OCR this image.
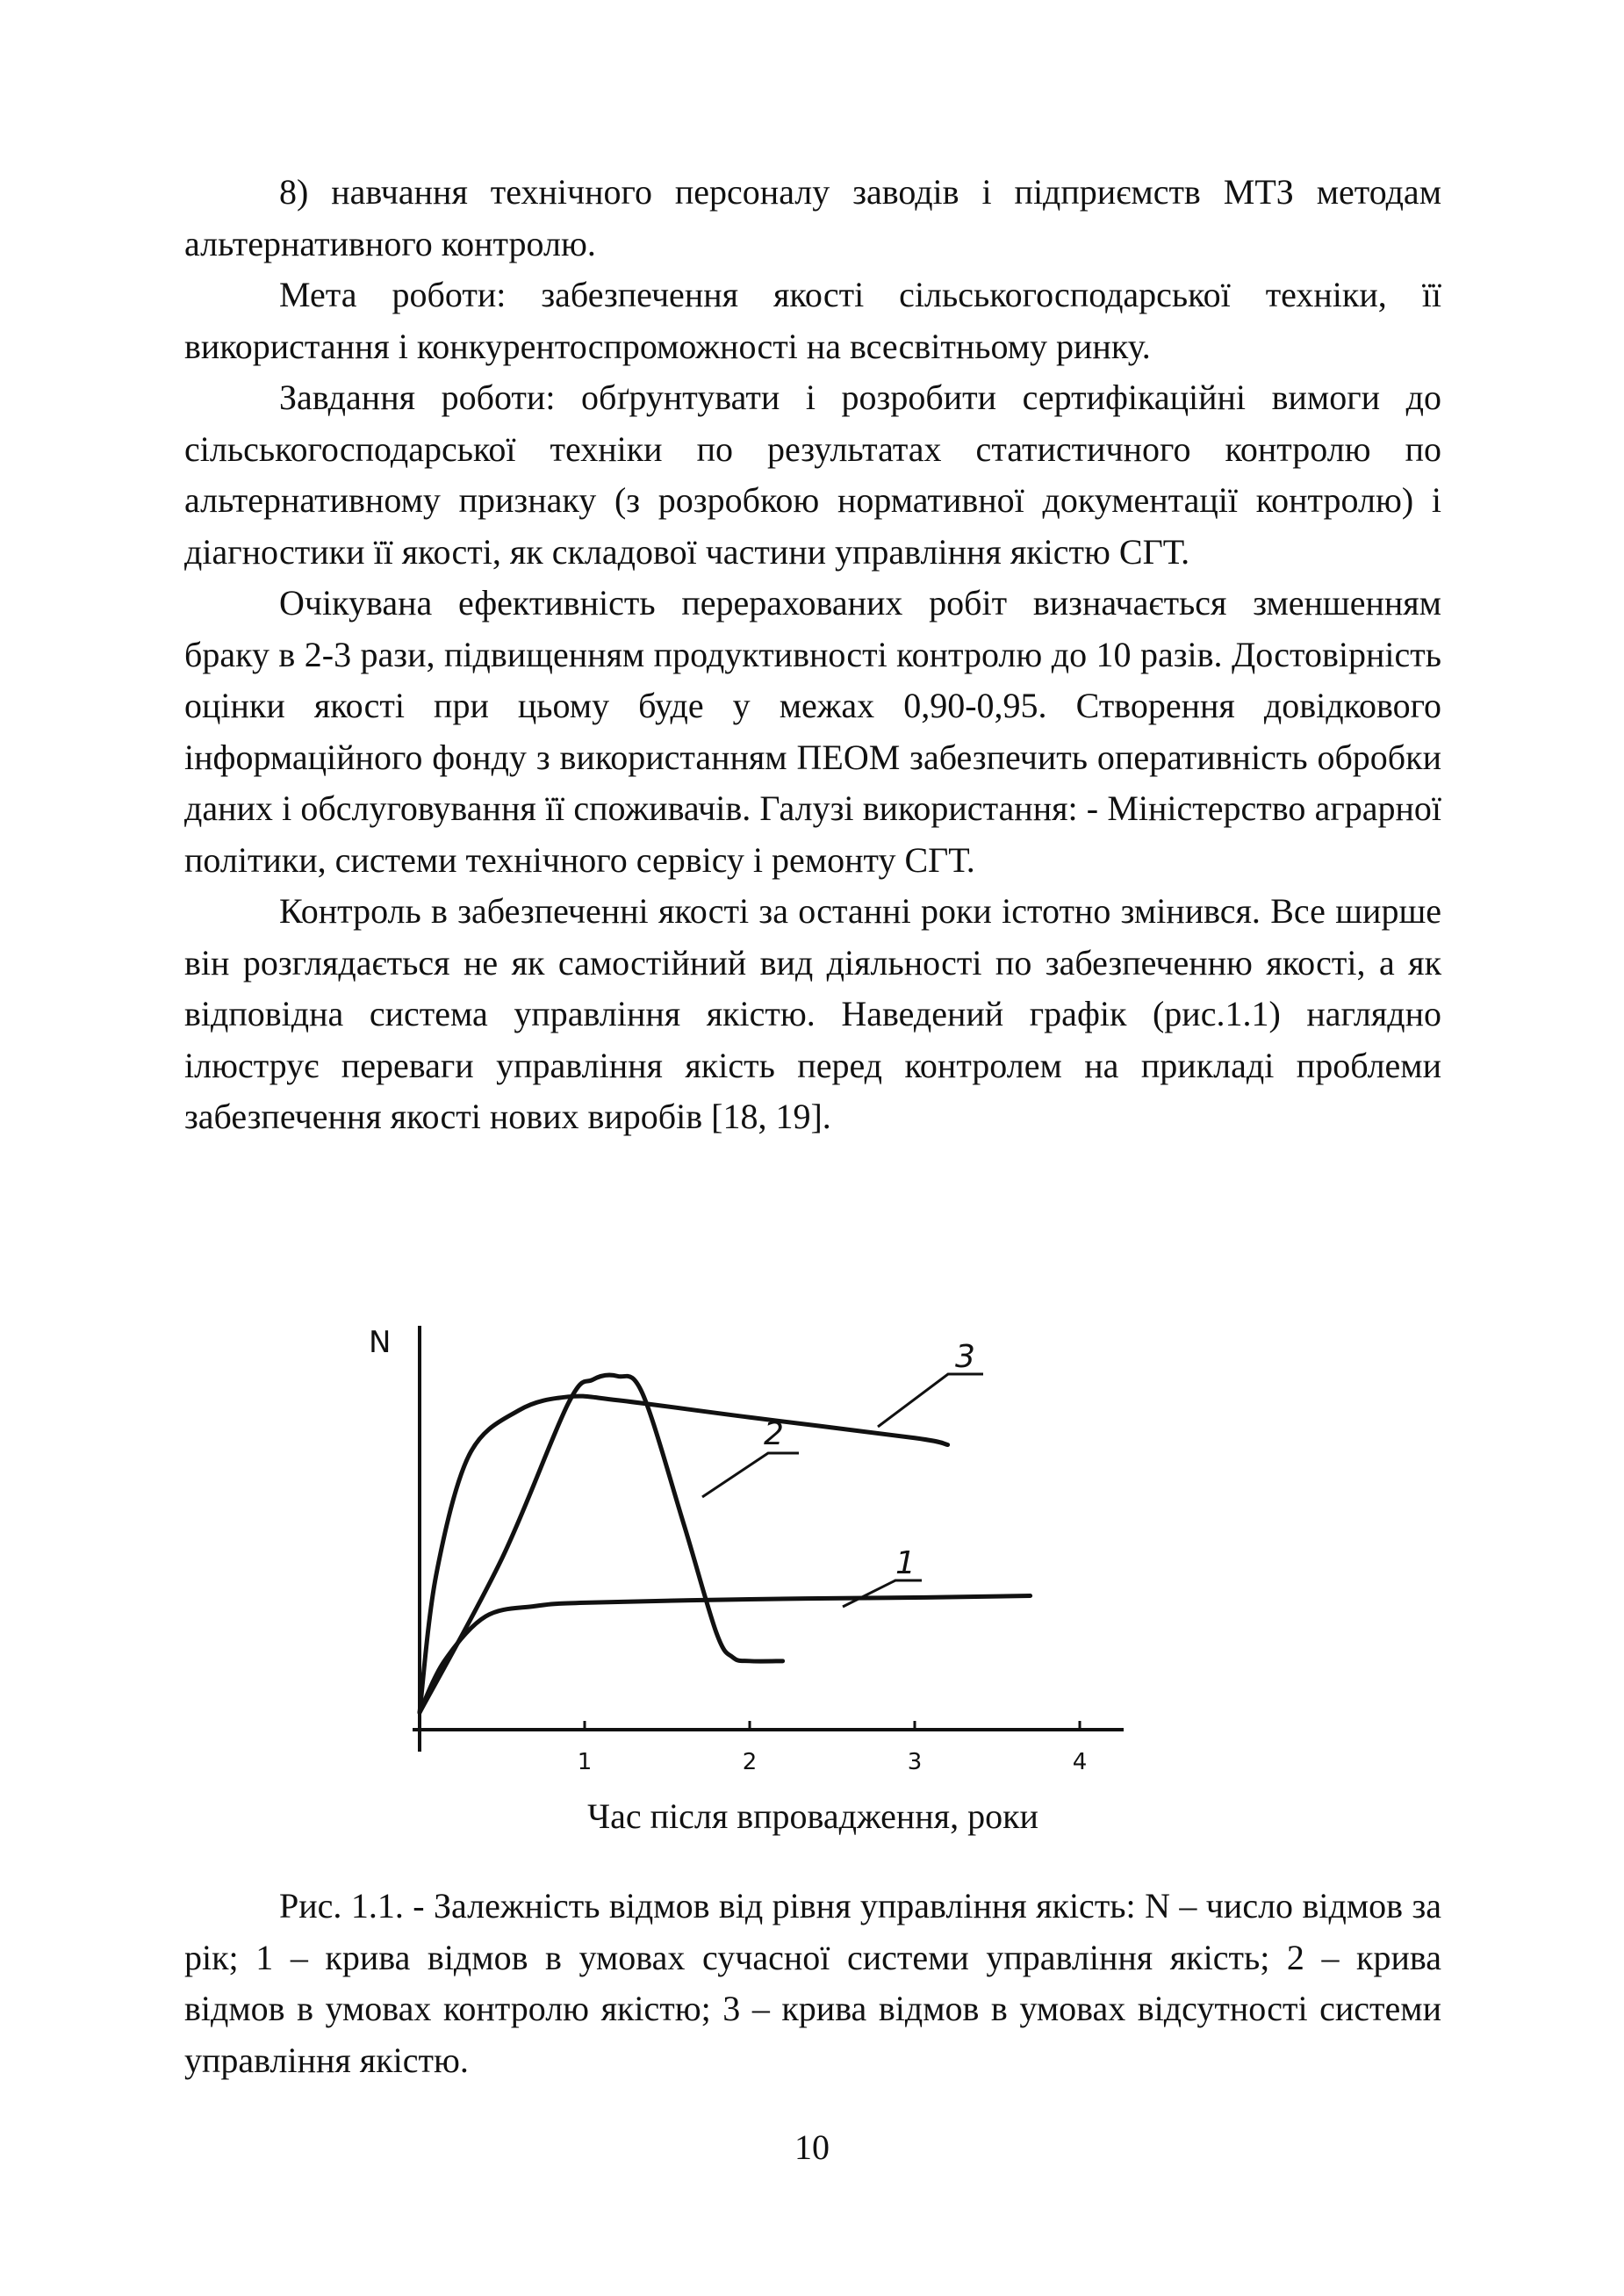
8) навчання технічного персоналу заводів і підприємств МТЗ методам альтернативного контролю.

Мета роботи: забезпечення якості сільськогосподарської техніки, її використання і конкурентоспроможності на всесвітньому ринку.

Завдання роботи: обґрунтувати і розробити сертифікаційні вимоги до сільськогосподарської техніки по результатах статистичного контролю по альтернативному признаку (з розробкою нормативної документації контролю) і діагностики її якості, як складової частини управління якістю СГТ.

Очікувана ефективність перерахованих робіт визначається зменшенням браку в 2-3 рази, підвищенням продуктивності контролю до 10 разів. Достовірність оцінки якості при цьому буде у межах 0,90-0,95. Створення довідкового інформаційного фонду з використанням ПЕОМ забезпечить оперативність обробки даних і обслуговування її споживачів. Галузі використання: - Міністерство аграрної політики, системи технічного сервісу і ремонту СГТ.

Контроль в забезпеченні якості за останні роки істотно змінився. Все ширше він розглядається не як самостійний вид діяльності по забезпеченню якості, а як відповідна система управління якістю. Наведений графік (рис.1.1) наглядно ілюструє переваги управління якість перед контролем на прикладі проблеми забезпечення якості нових виробів [18, 19].

N
1	2	3	4
3
2
1
Час після впровадження, роки

Рис. 1.1. - Залежність відмов від рівня управління якість: N – число відмов за рік; 1 – крива відмов в умовах сучасної системи управління якість; 2 – крива відмов в умовах контролю якістю; 3 – крива відмов в умовах відсутності системи управління якістю.

10
